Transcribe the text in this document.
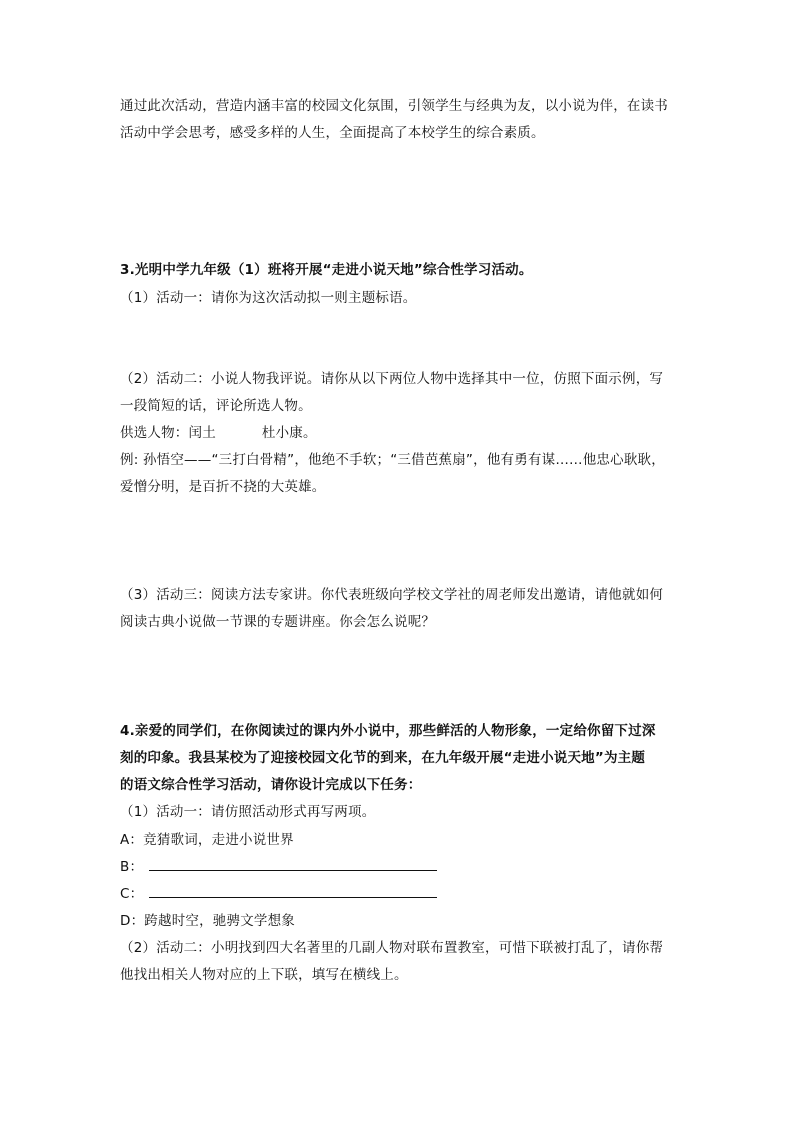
通过此次活动，营造内涵丰富的校园文化氛围，引领学生与经典为友，以小说为伴，在读书
活动中学会思考，感受多样的人生，全面提高了本校学生的综合素质。
3.光明中学九年级（1）班将开展“走进小说天地”综合性学习活动。
（1）活动一：请你为这次活动拟一则主题标语。
（2）活动二：小说人物我评说。请你从以下两位人物中选择其中一位，仿照下面示例，写
一段简短的话，评论所选人物。
供选人物：闰土	杜小康。
例: 孙悟空——“三打白骨精”，他绝不手软；“三借芭蕉扇”，他有勇有谋……他忠心耿耿，
爱憎分明，是百折不挠的大英雄。
（3）活动三：阅读方法专家讲。你代表班级向学校文学社的周老师发出邀请，请他就如何
阅读古典小说做一节课的专题讲座。你会怎么说呢？
4.亲爱的同学们，在你阅读过的课内外小说中，那些鲜活的人物形象，一定给你留下过深
刻的印象。我县某校为了迎接校园文化节的到来，在九年级开展“走进小说天地”为主题
的语文综合性学习活动，请你设计完成以下任务：
（1）活动一：请仿照活动形式再写两项。
A：竞猜歌词，走进小说世界
B：
C：
D：跨越时空，驰骋文学想象
（2）活动二：小明找到四大名著里的几副人物对联布置教室，可惜下联被打乱了，请你帮
他找出相关人物对应的上下联，填写在横线上。
